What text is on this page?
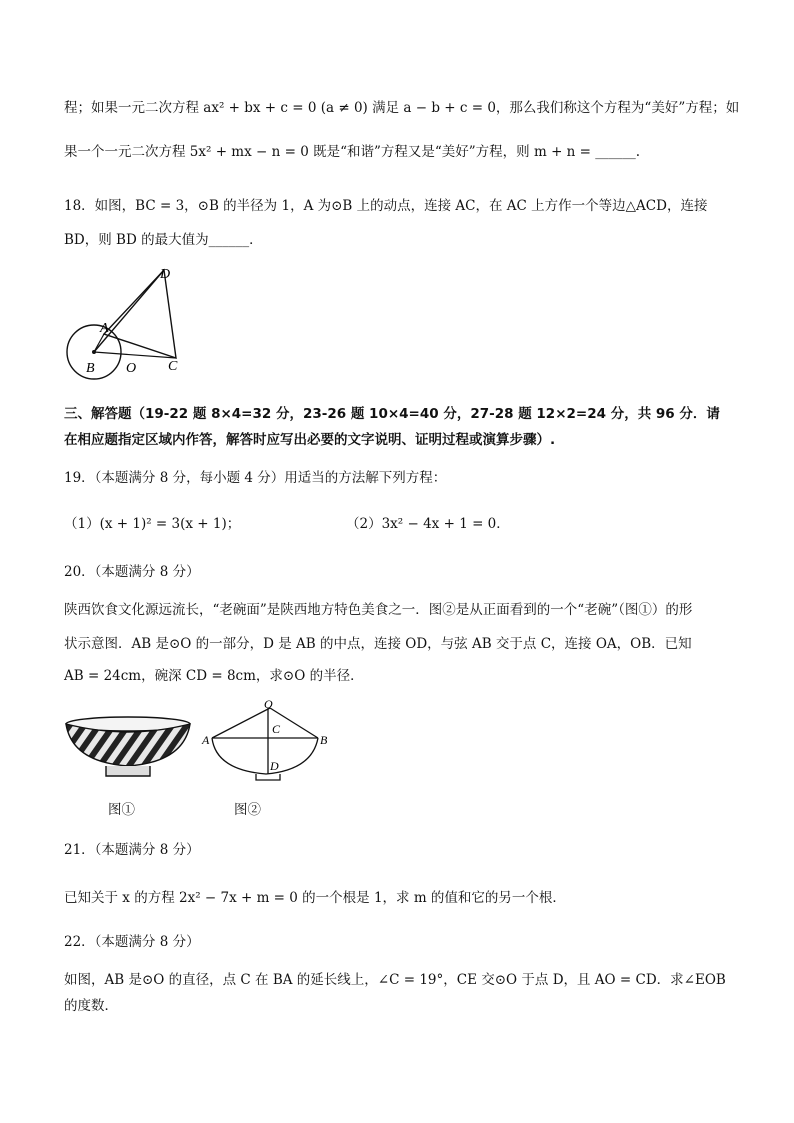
程；如果一元二次方程 ax² + bx + c = 0 (a ≠ 0) 满足 a − b + c = 0，那么我们称这个方程为“美好”方程；如
果一个一元二次方程 5x² + mx − n = 0 既是“和谐”方程又是“美好”方程，则 m + n = ______.
18．如图，BC = 3，⊙B 的半径为 1，A 为⊙B 上的动点，连接 AC，在 AC 上方作一个等边△ACD，连接
BD，则 BD 的最大值为______．
D
A
B O C
三、解答题（19-22 题 8×4=32 分，23-26 题 10×4=40 分，27-28 题 12×2=24 分，共 96 分．请
在相应题指定区域内作答，解答时应写出必要的文字说明、证明过程或演算步骤）.
19．（本题满分 8 分，每小题 4 分）用适当的方法解下列方程：
（1）(x + 1)² = 3(x + 1)；	（2）3x² − 4x + 1 = 0．
20．（本题满分 8 分）
陕西饮食文化源远流长，“老碗面”是陕西地方特色美食之一．图②是从正面看到的一个“老碗”（图①）的形
状示意图．AB 是⊙O 的一部分，D 是 AB 的中点，连接 OD，与弦 AB 交于点 C，连接 OA，OB．已知
AB = 24cm，碗深 CD = 8cm，求⊙O 的半径．
图①
O
A	B
C
D
图②
21．（本题满分 8 分）
已知关于 x 的方程 2x² − 7x + m = 0 的一个根是 1，求 m 的值和它的另一个根．
22．（本题满分 8 分）
如图，AB 是⊙O 的直径，点 C 在 BA 的延长线上，∠C = 19°，CE 交⊙O 于点 D，且 AO = CD．求∠EOB
的度数．
